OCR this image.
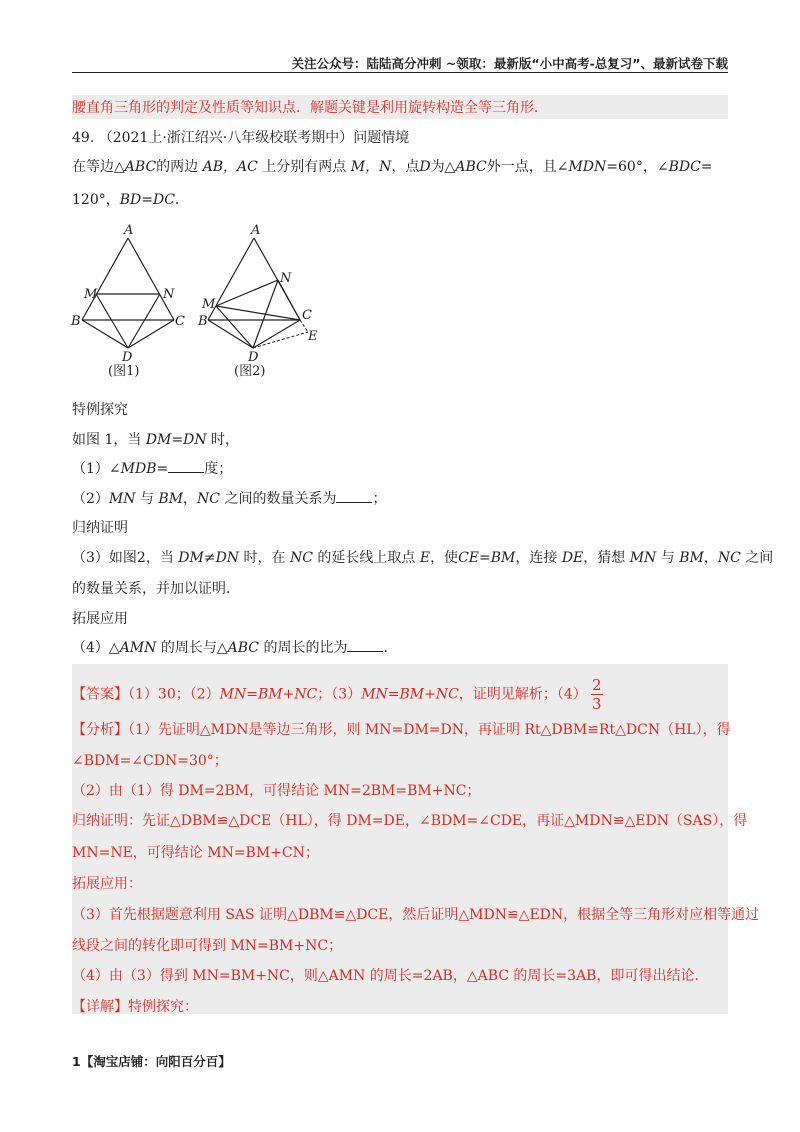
关注公众号：陆陆高分冲刺 ~领取：最新版“小中高考-总复习”、最新试卷下载
腰直角三角形的判定及性质等知识点．解题关键是利用旋转构造全等三角形．
49. （2021上·浙江绍兴·八年级校联考期中）问题情境
在等边△ABC的两边 AB，AC 上分别有两点 M，N，点D为△ABC外一点，且∠MDN=60°，∠BDC=
120°，BD=DC．
A
M	N
B	C
D
(图1)
A
N
M
B	C
E
D
(图2)
特例探究
如图 1，当 DM=DN 时，
（1）∠MDB=	度；
（2）MN 与 BM，NC 之间的数量关系为	；
归纳证明
（3）如图2，当 DM≠DN 时，在 NC 的延长线上取点 E，使CE=BM，连接 DE，猜想 MN 与 BM，NC 之间
的数量关系，并加以证明．
拓展应用
（4）△AMN 的周长与△ABC 的周长的比为	．
【答案】（1）30；（2）MN=BM+NC；（3）MN=BM+NC，证明见解析；$(4) \frac{2}{3}$
【分析】（1）先证明△MDN是等边三角形，则 MN=DM=DN，再证明 Rt△DBM≌Rt△DCN（HL），得
∠BDM=∠CDN=30°；
（2）由（1）得 DM=2BM，可得结论 MN=2BM=BM+NC；
归纳证明：先证△DBM≌△DCE（HL），得 DM=DE，∠BDM=∠CDE，再证△MDN≌△EDN（SAS），得
MN=NE，可得结论 MN=BM+CN；
拓展应用：
（3）首先根据题意利用 SAS 证明△DBM≌△DCE，然后证明△MDN≌△EDN，根据全等三角形对应相等通过
线段之间的转化即可得到 MN=BM+NC；
（4）由（3）得到 MN=BM+NC，则△AMN 的周长=2AB，△ABC 的周长=3AB，即可得出结论．
【详解】特例探究：
1【淘宝店铺：向阳百分百】
